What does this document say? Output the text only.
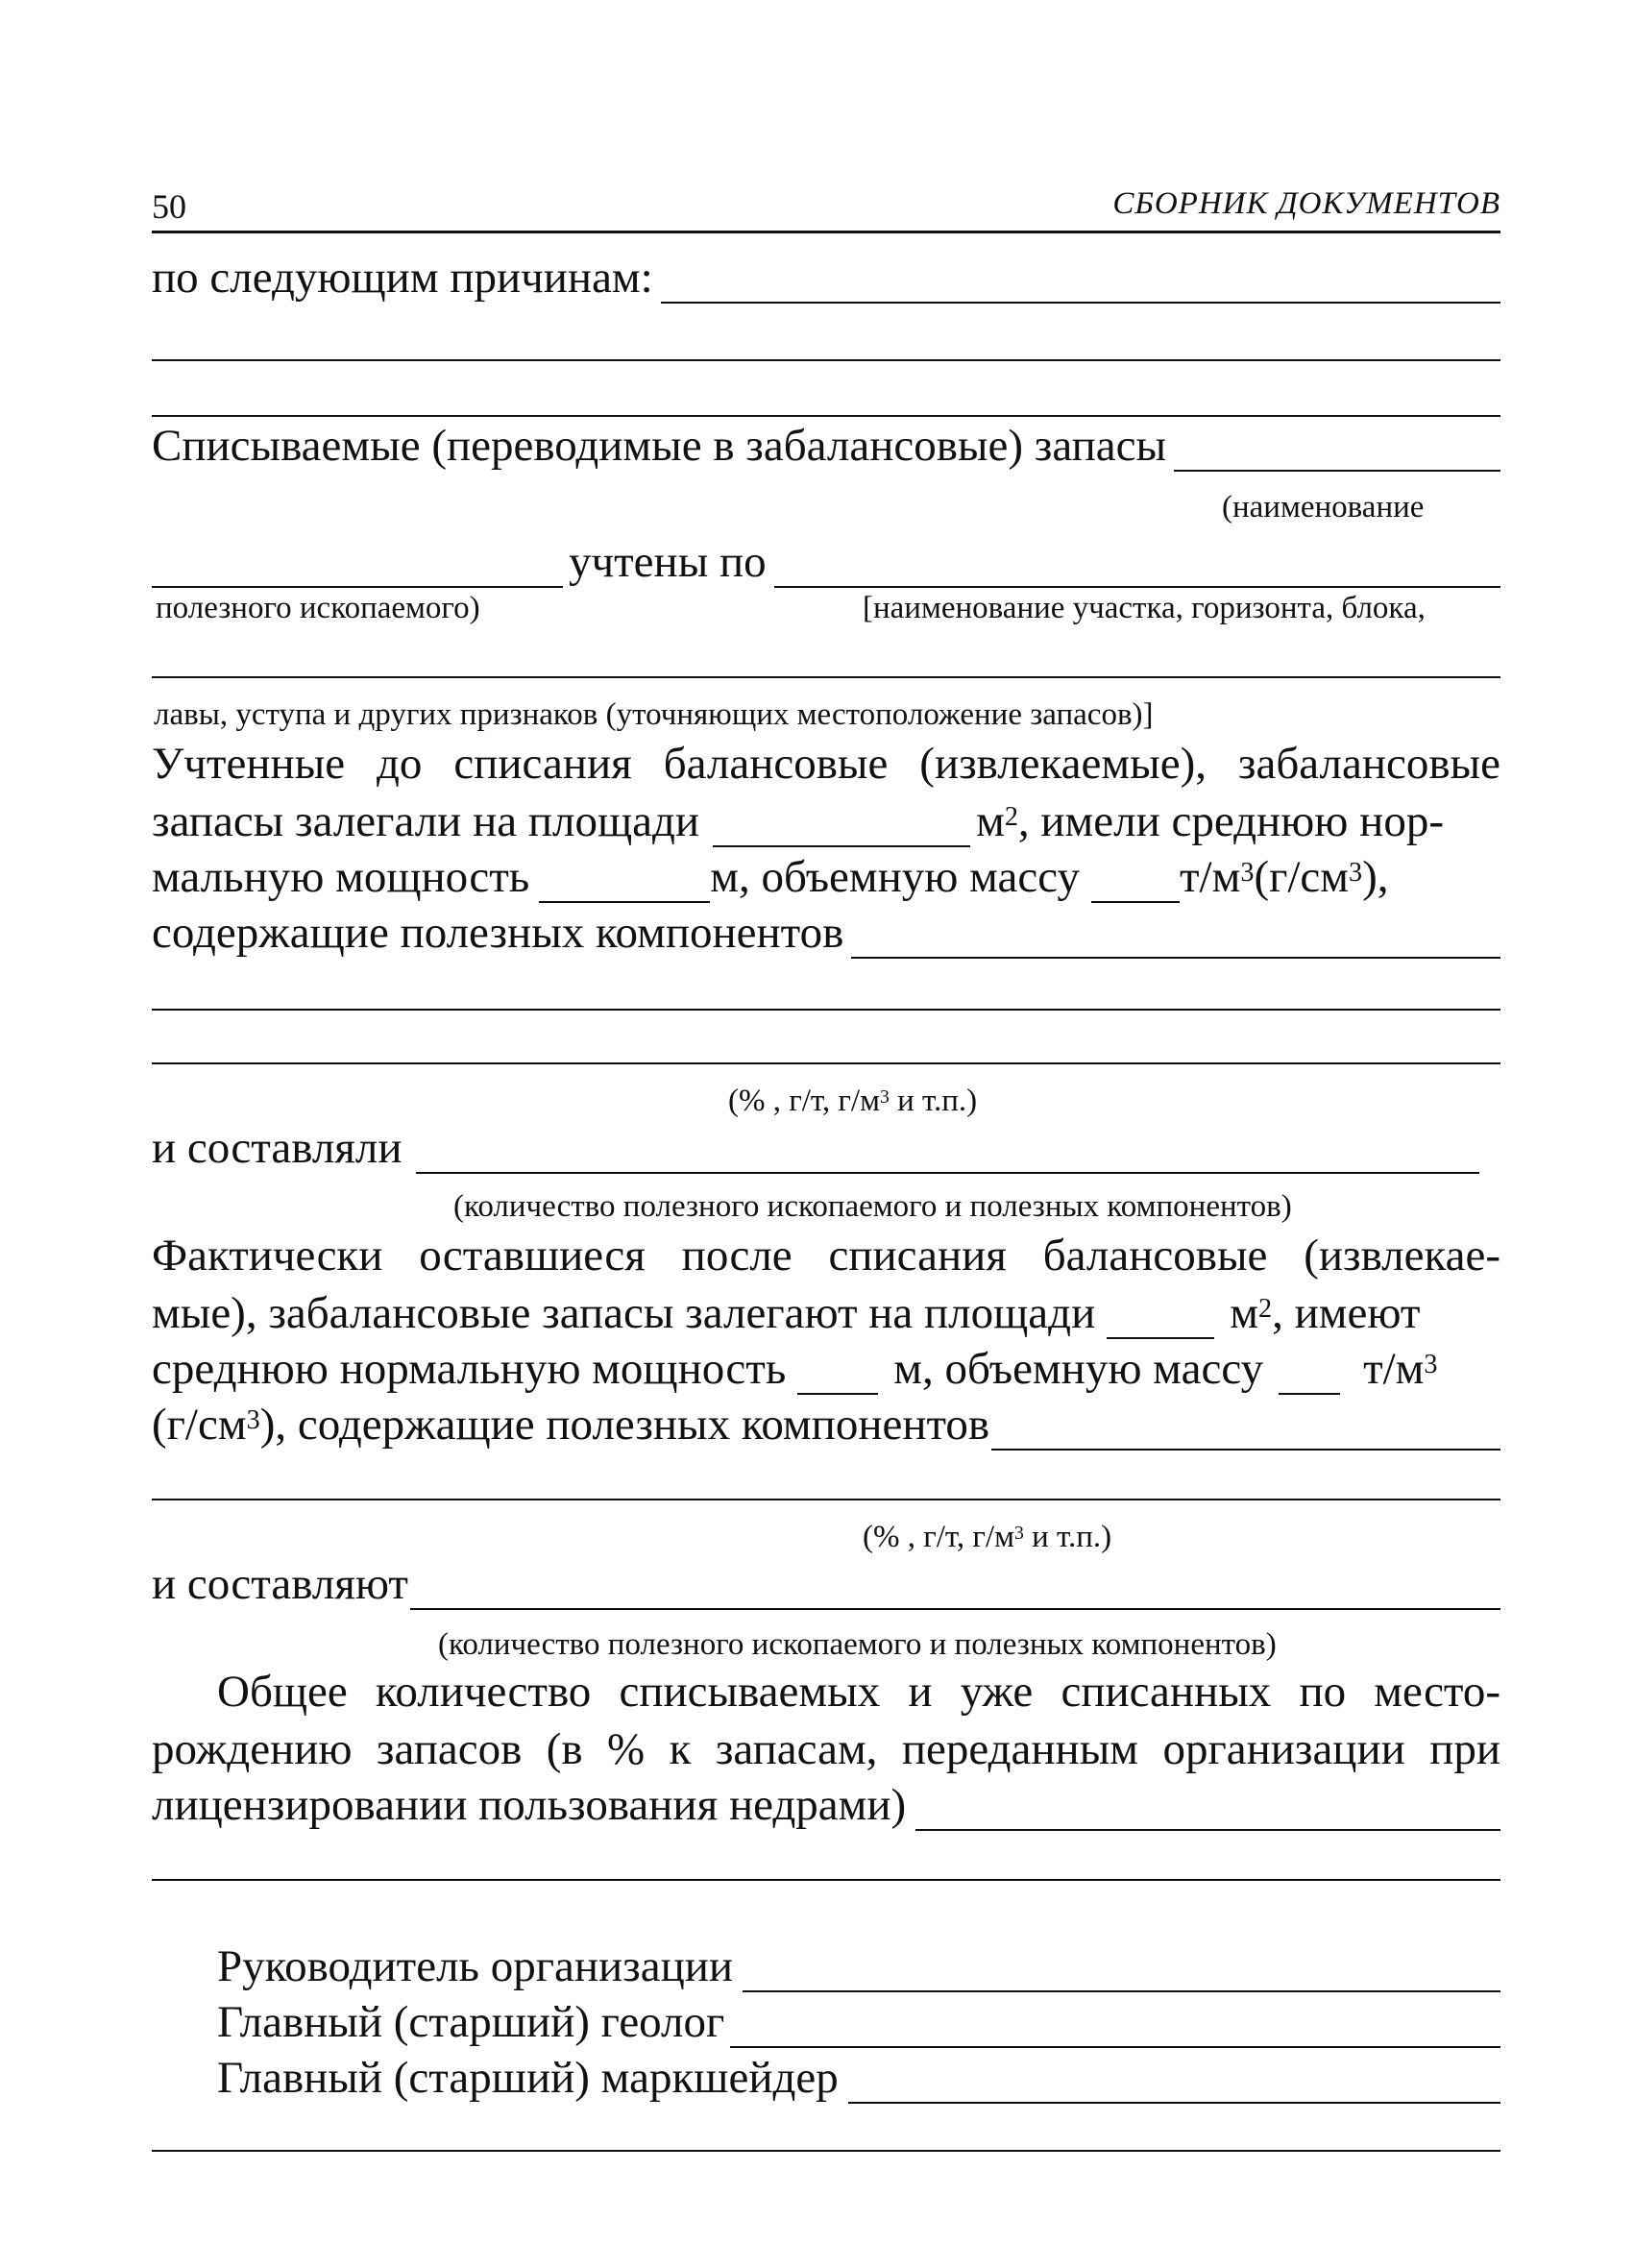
50	СБОРНИК ДОКУМЕНТОВ
по следующим причинам:
Списываемые (переводимые в забалансовые) запасы
(наименование
учтены по
полезного ископаемого)	[наименование участка, горизонта, блока,
лавы, уступа и других признаков (уточняющих местоположение запасов)]
Учтенные до списания балансовые (извлекаемые), забалансовые
запасы залегали на площади	$м^2$ , имели среднюю нор-
мальную мощность	м, объемную массу $т/м^3$ ($г/см^3$ ),
содержащие полезных компонентов
(% , г/т, $г/м^3$ и т.п.)
и составляли
(количество полезного ископаемого и полезных компонентов)
Фактически оставшиеся после списания балансовые (извлекае-
мые), забалансовые запасы залегают на площади	$м^2$ , имеют
среднюю нормальную мощность м, объемную массу $т/м^3$
($г/см^3$ ), содержащие полезных компонентов
(% , г/т, $г/м^3$ и т.п.)
и составляют
(количество полезного ископаемого и полезных компонентов)
Общее количество списываемых и уже списанных по место-
рождению запасов (в % к запасам, переданным организации при
лицензировании пользования недрами)
Руководитель организации
Главный (старший) геолог
Главный (старший) маркшейдер
